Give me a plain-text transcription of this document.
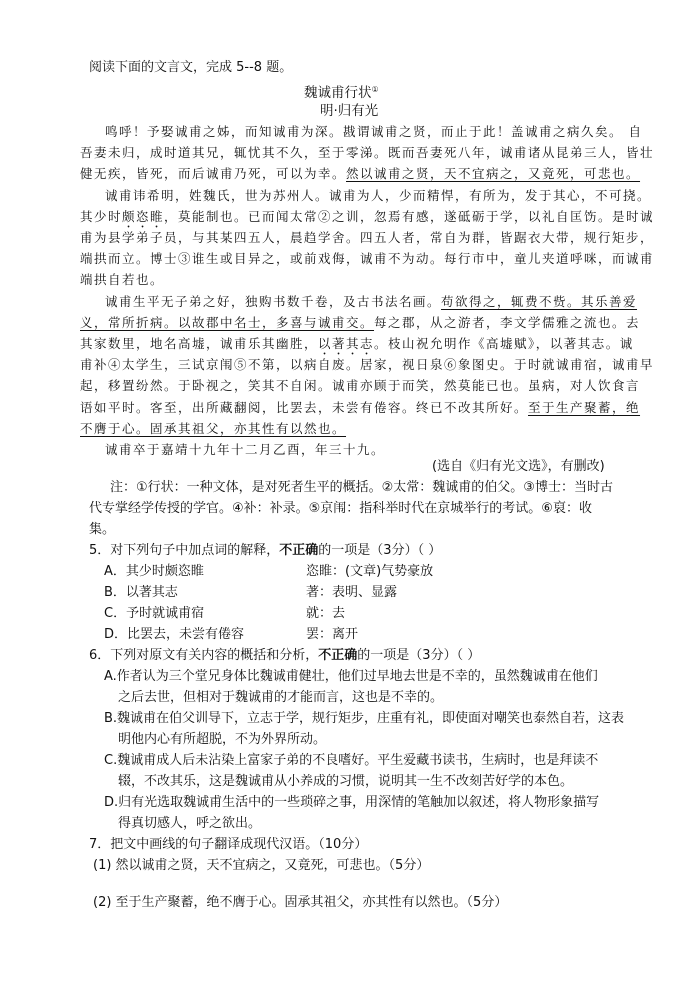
阅读下面的文言文，完成 5--8 题。
魏诚甫行状①
明·归有光
鸣呼！予娶诚甫之姊，而知诚甫为深。戡谓诚甫之贤，而止于此！盖诚甫之病久矣。 自
吾妻未归，成时道其兄，辄忧其不久，至于零涕。既而吾妻死八年，诚甫诸从昆弟三人，皆壮
健无疾，皆死，而后诚甫乃死，可以为幸。然以诚甫之贤，天不宜病之，又竟死，可悲也。
诚甫讳希明，姓魏氏，世为苏州人。诚甫为人，少而精悍，有所为，发于其心，不可挠。
其少时颇恣睢，莫能制也。已而闻太常②之训，忽焉有感，遂砥砺于学，以礼自匡饬。是时诚
甫为县学弟子员，与其某四五人，晨趋学舍。四五人者，常自为群，皆踞衣大带，规行矩步，
端拱而立。博士③谁生或目异之，或前戏侮，诚甫不为动。每行市中，童儿夹道呼咪，而诚甫
端拱自若也。
诚甫生平无子弟之好，独购书数千卷，及古书法名画。苟欲得之，辄费不赀。其乐善爱
义，常所折病。以故郡中名士，多喜与诚甫交。每之郡，从之游者，李文学儒雅之流也。去
其家数里，地名高墟，诚甫乐其幽胜，以著其志。枝山祝允明作《高墟赋》，以著其志。诚
甫补④太学生，三试京闱⑤不第，以病自废。居家，视日泉⑥象图史。于时就诚甫宿，诚甫早
起，移置纷然。于卧视之，笑其不自闲。诚甫亦顾于而笑，然莫能已也。虽病，对人饮食言
语如平时。客至，出所藏翻阅，比罢去，未尝有倦容。终已不改其所好。至于生产聚蓄，绝
不膺于心。固承其祖父，亦其性有以然也。
诚甫卒于嘉靖十九年十二月乙酉，年三十九。
(选自《归有光文选》，有删改)
注：①行状：一种文体，是对死者生平的概括。②太常：魏诚甫的伯父。③博士：当时古
代专掌经学传授的学官。④补：补录。⑤京闱：指科举时代在京城举行的考试。⑥裒：收
集。
5．对下列句子中加点词的解释，不正确的一项是（3分）（ ）
A．其少时颇恣睢	恣睢：(文章)气势豪放
B．以著其志	著：表明、显露
C．予时就诚甫宿	就：去
D．比罢去，未尝有倦容	罢：离开
6．下列对原文有关内容的概括和分析，不正确的一项是（3分）（ ）
A.作者认为三个堂兄身体比魏诚甫健壮，他们过早地去世是不幸的，虽然魏诚甫在他们
之后去世，但相对于魏诚甫的才能而言，这也是不幸的。
B.魏诚甫在伯父训导下，立志于学，规行矩步，庄重有礼，即使面对嘲笑也泰然自若，这表
明他内心有所超脱，不为外界所动。
C.魏诚甫成人后未沾染上富家子弟的不良嗜好。平生爱藏书读书，生病时，也是拜读不
辍，不改其乐，这是魏诚甫从小养成的习惯，说明其一生不改刻苦好学的本色。
D.归有光选取魏诚甫生活中的一些琐碎之事，用深情的笔触加以叙述，将人物形象描写
得真切感人，呼之欲出。
7．把文中画线的句子翻译成现代汉语。（10分）
(1) 然以诚甫之贤，天不宜病之，又竟死，可悲也。（5分）
(2) 至于生产聚蓄，绝不膺于心。固承其祖父，亦其性有以然也。（5分）
